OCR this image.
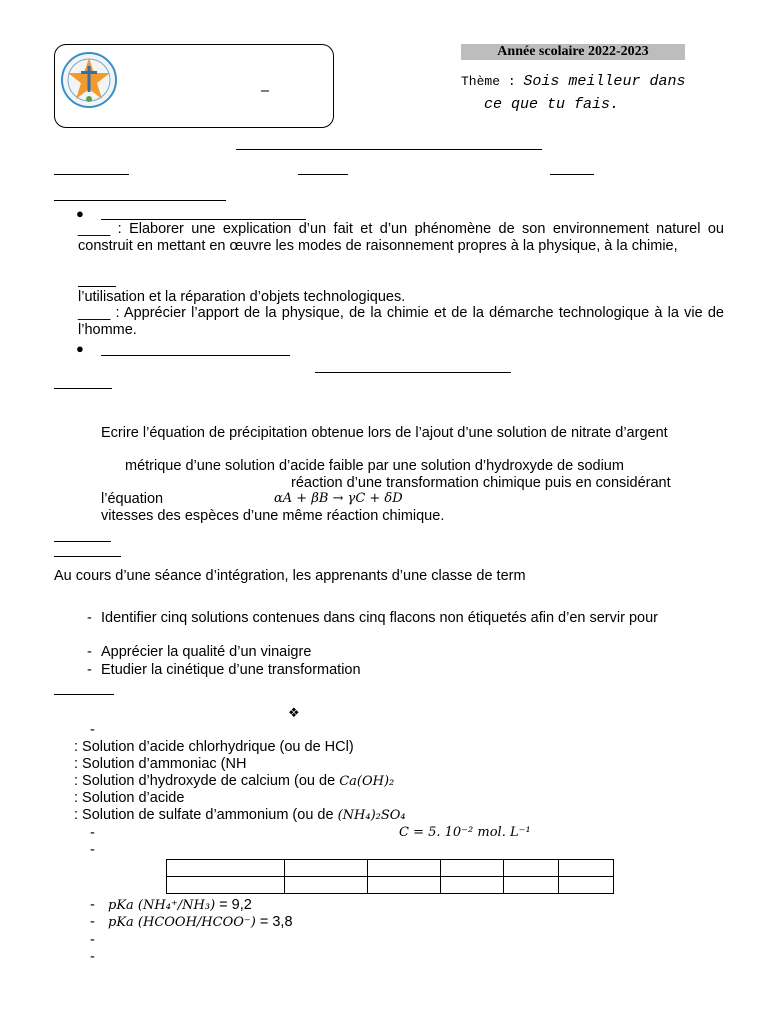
–
Année scolaire 2022-2023
Thème : Sois meilleur dans
ce que tu fais.
●
____ : Elaborer une explication d’un fait et d’un phénomène de son environnement naturel ou construit en mettant en œuvre les modes de raisonnement propres à la physique, à la chimie,
l’utilisation et la réparation d’objets technologiques.
____ : Apprécier l’apport de la physique, de la chimie et de la démarche technologique à la vie de l’homme.
●
Ecrire l’équation de précipitation obtenue lors de l’ajout d’une solution de nitrate d’argent
métrique d’une solution d’acide faible par une solution d’hydroxyde de sodium
réaction d’une transformation chimique puis en considérant
l’équation	αA + βB → γC + δD
vitesses des espèces d’une même réaction chimique.
Au cours d’une séance d’intégration, les apprenants d’une classe de term
- Identifier cinq solutions contenues dans cinq flacons non étiquetés afin d’en servir pour
- Apprécier la qualité d’un vinaigre
- Etudier la cinétique d’une transformation
❖
-
: Solution d’acide chlorhydrique (ou de HCl)
: Solution d’ammoniac (NH
: Solution d’hydroxyde de calcium (ou de Ca(OH)₂
: Solution d’acide
: Solution de sulfate d’ammonium (ou de (NH₄)₂SO₄
-	C = 5. 10⁻² mol. L⁻¹
-

- pKa (NH₄⁺/NH₃) = 9,2
- pKa (HCOOH/HCOO⁻) = 3,8
-
-
